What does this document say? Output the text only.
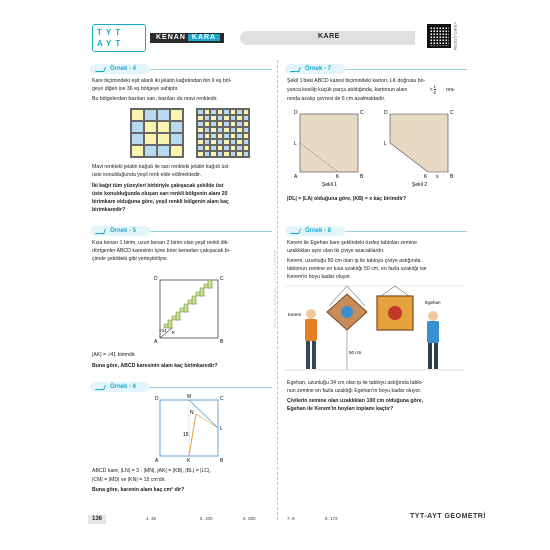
TYT
AYT
KENAN KARA	KARE	VİDEO ÇÖZÜM
Kenan Kara Matematik – TYT AYT Geometri
Örnek - 4
Kare biçimindeki eşit alanlı iki jelatin kağıdından biri 9 eş böl-
geye diğeri ise 36 eş bölgeye sahiptir.
Bu bölgelerden bazıları sarı, bazıları da mavi renktedir.
Mavi renkteki jelatin kağıdı ile sarı renkteki jelatin kağıdı üst
üste konulduğunda yeşil renk elde edilmektedir.
İki kağıt tüm yüzeyleri birbiriyle çakışacak şekilde üst
üste konulduğunda oluşan sarı renkli bölgenin alanı 20
birimkare olduğuna göre, yeşil renkli bölgenin alanı kaç
birimkaredir?
Örnek - 5
Kısa kenarı 1 birim, uzun kenarı 2 birim olan yeşil renkli dik-
dörtgenler ABCD karesinin içine birer kenarları çakışacak bi-
çimde şekildeki gibi yerleştiriliyor.
D	C
A	B
K
√41
|AK| = √41 birimdir.
Buna göre, ABCD karesinin alanı kaç birimkaredir?
Örnek - 6
D	M	C
N
L
15
A	K	B
ABCD kare, |LN| = 3 · |MN|, |AK| = |KB|, |BL| = |LC|,
|CM| = |MD| ve |KN| = 15 cm'dir.
Buna göre, karenin alanı kaç cm² dir?
Örnek - 7
Şekil 1'deki ABCD karesi biçimindeki karton, LK doğrusu bo-
yunca kesilip küçük parça atıldığında, kartonun alanı	x $\frac{1}{6} ora-$
nında azalıp çevresi de 6 cm azalmaktadır.
D	C
L
A	K	B
Şekil 1
D	C
L
K x B
Şekil 2
|DL| = |LA| olduğuna göre, |KB| = x kaç birimdir?
Örnek - 8
Kerem ile Egehan kare şeklindeki özdeş tablolan zemine
uzaklıkları aynı olan iki çiviye asacaklardır.
Kerem, uzunluğu 50 cm olan ip ile tabloyu çiviye astığında
tablonun zemine en kısa uzaklığı 50 cm, en fazla uzaklığı ise
Kerem'in boyu kadar oluyor.
50 cm
Kerem
Egehan
Egehan, uzunluğu 34 cm olan ip ile tabloyu astığında tablo-
nun zemine en fazla uzaklığı Egehan'ın boyu kadar oluyor.
Çivilerin zemine olan uzaklıkları 100 cm olduğuna göre,
Egehan ile Kerem'in boyları toplamı kaçtır?
136	4. 36	5. 100	6. 280	7. 6	8. 172	TYT-AYT GEOMETRİ
